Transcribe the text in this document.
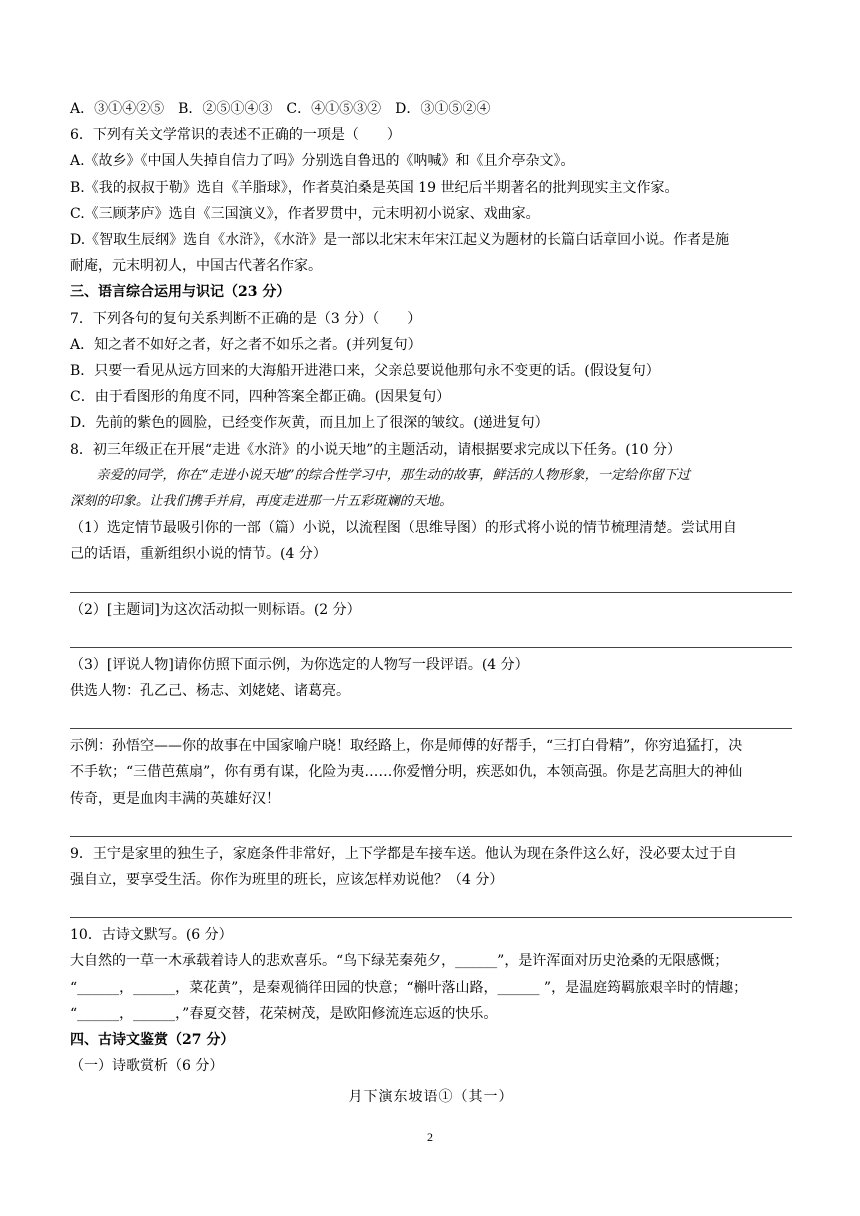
A．③①④②⑤　B．②⑤①④③　C．④①⑤③②　D．③①⑤②④
6．下列有关文学常识的表述不正确的一项是（　　）
A.《故乡》《中国人失掉自信力了吗》分别选自鲁迅的《呐喊》和《且介亭杂文》。
B.《我的叔叔于勒》选自《羊脂球》，作者莫泊桑是英国 19 世纪后半期著名的批判现实主文作家。
C.《三顾茅庐》选自《三国演义》，作者罗贯中，元末明初小说家、戏曲家。
D.《智取生辰纲》选自《水浒》，《水浒》是一部以北宋末年宋江起义为题材的长篇白话章回小说。作者是施
耐庵，元末明初人，中国古代著名作家。
三、语言综合运用与识记（23 分）
7．下列各句的复句关系判断不正确的是（3 分）（　　）
A．知之者不如好之者，好之者不如乐之者。(并列复句）
B．只要一看见从远方回来的大海船开进港口来，父亲总要说他那句永不变更的话。(假设复句）
C．由于看图形的角度不同，四种答案全都正确。(因果复句）
D．先前的紫色的圆脸，已经变作灰黄，而且加上了很深的皱纹。(递进复句）
8．初三年级正在开展“走进《水浒》的小说天地”的主题活动，请根据要求完成以下任务。(10 分）
亲爱的同学，你在“走进小说天地”的综合性学习中，那生动的故事，鲜活的人物形象，一定给你留下过
深刻的印象。让我们携手并肩，再度走进那一片五彩斑斓的天地。
（1）选定情节最吸引你的一部（篇）小说，以流程图（思维导图）的形式将小说的情节梳理清楚。尝试用自
己的话语，重新组织小说的情节。(4 分）
（2）[主题词]为这次活动拟一则标语。(2 分）
（3）[评说人物]请你仿照下面示例，为你选定的人物写一段评语。(4 分）
供选人物：孔乙己、杨志、刘姥姥、诸葛亮。
示例：孙悟空——你的故事在中国家喻户晓！取经路上，你是师傅的好帮手，“三打白骨精”，你穷追猛打，决
不手软；“三借芭蕉扇”，你有勇有谋，化险为夷……你爱憎分明，疾恶如仇，本领高强。你是艺高胆大的神仙
传奇，更是血肉丰满的英雄好汉！
9．王宁是家里的独生子，家庭条件非常好，上下学都是车接车送。他认为现在条件这么好，没必要太过于自
强自立，要享受生活。你作为班里的班长，应该怎样劝说他？（4 分）
10．古诗文默写。(6 分）
大自然的一草一木承载着诗人的悲欢喜乐。“鸟下绿芜秦苑夕，______”，是许浑面对历史沧桑的无限感慨；
“______，______，菜花黄”，是秦观徜徉田园的快意；“槲叶落山路，______ ”，是温庭筠羁旅艰辛时的情趣；
“______，______，”春夏交替，花荣树茂，是欧阳修流连忘返的快乐。
四、古诗文鉴赏（27 分）
（一）诗歌赏析（6 分）
月下演东坡语①（其一）
2
